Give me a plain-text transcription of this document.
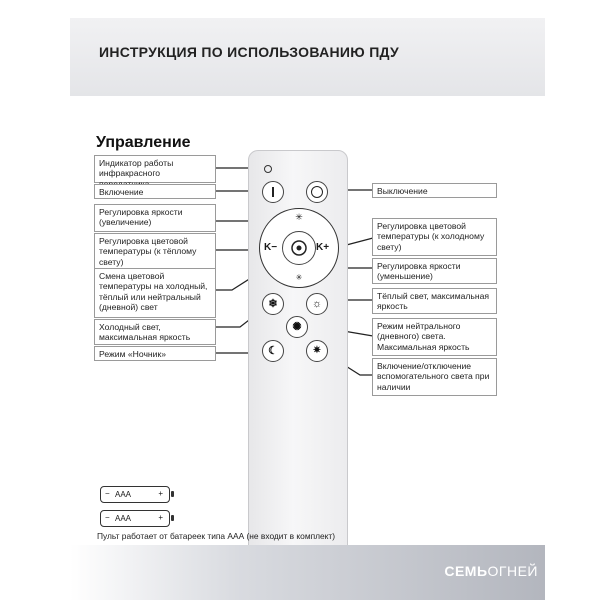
ИНСТРУКЦИЯ ПО ИСПОЛЬЗОВАНИЮ ПДУ
Управление
Индикатор работы инфракрасного
Включение
Регулировка яркости (увеличение)
Регулировка цветовой температуры (к тёплому свету)
Смена цветовой температуры на холодный, тёплый или нейтральный (дневной) свет
Холодный свет, максимальная яркость
Режим «Ночник»
Выключение
Регулировка цветовой температуры (к холодному свету)
Регулировка яркости (уменьшение)
Тёплый свет, максимальная яркость
Режим нейтрального (дневного) света. Максимальная яркость
Включение/отключение вспомогательного света при наличии
✳
✳
K−	K+
❄	☼
✺
☾	✷
− AAA	+
− AAA	+
Пульт работает от батареек типа ААА (не входит в комплект)
СЕМЬОГНЕЙ
